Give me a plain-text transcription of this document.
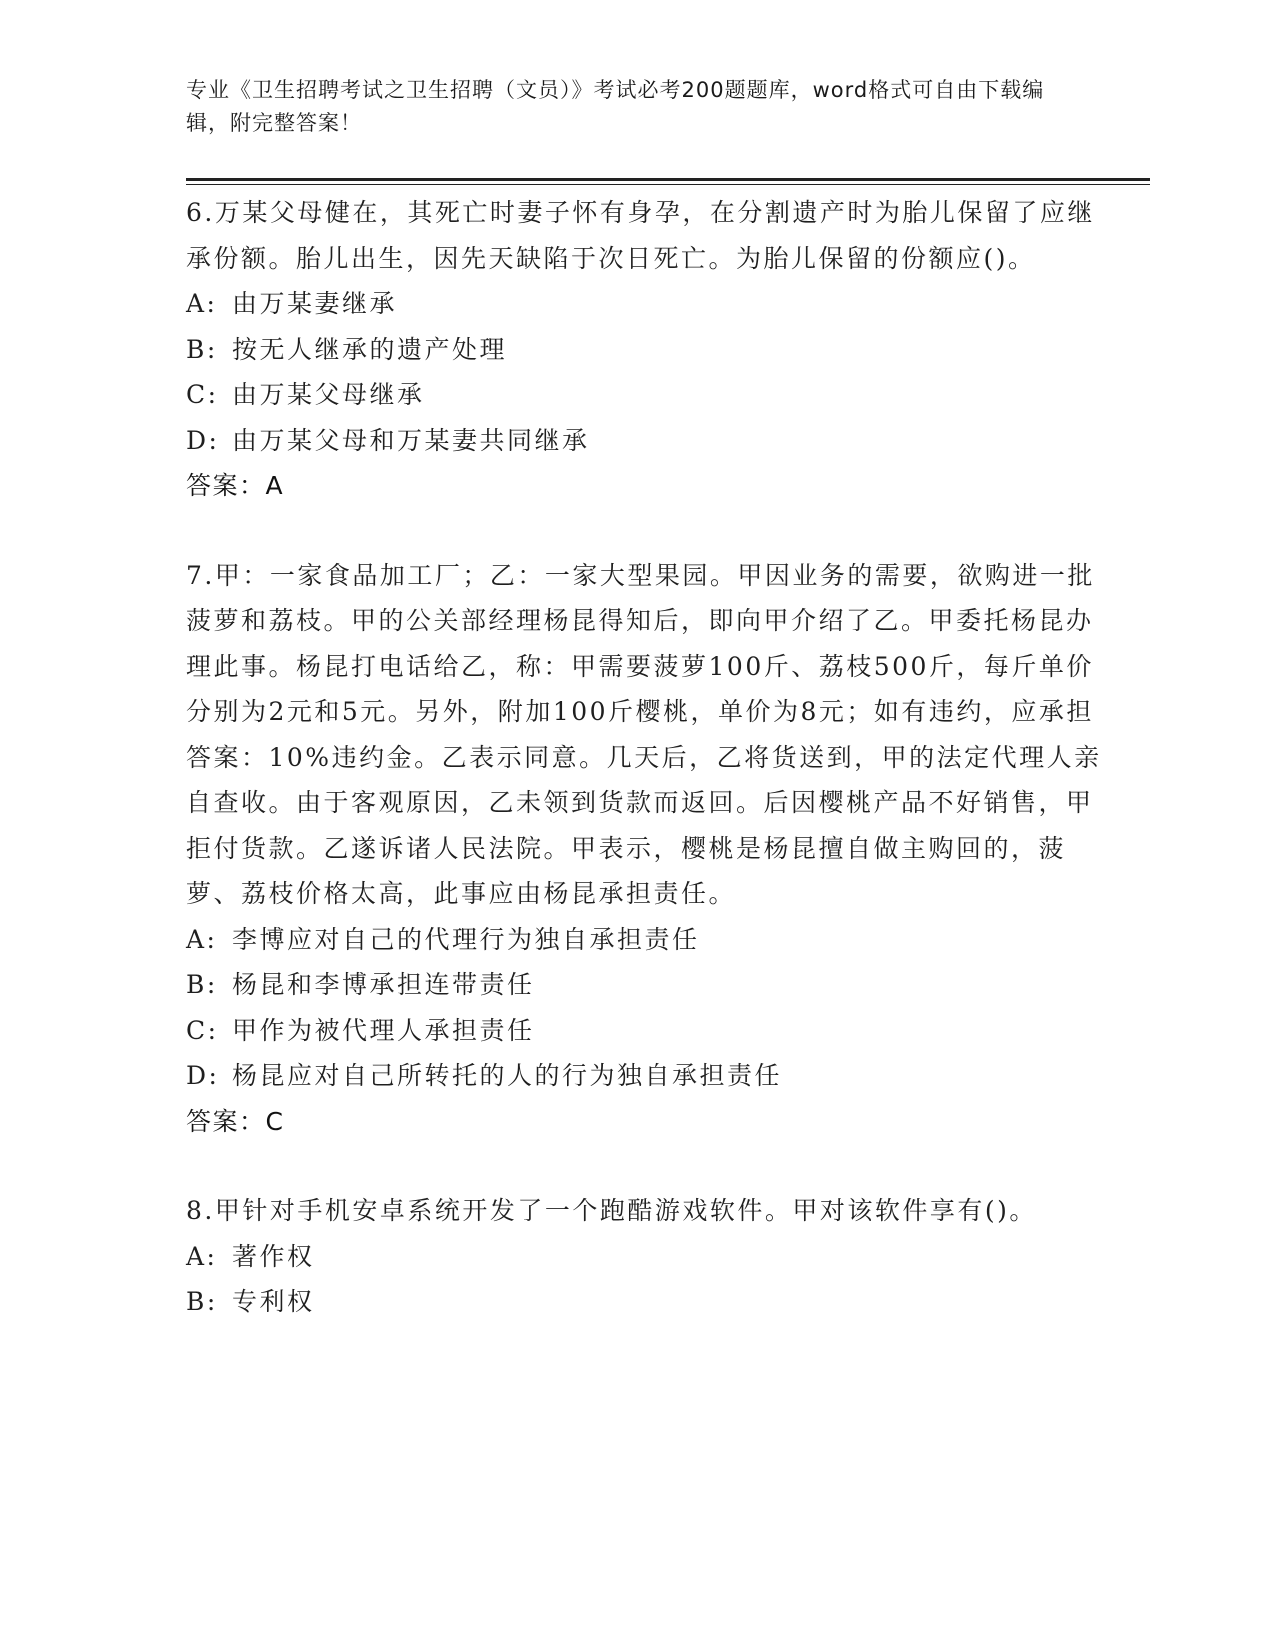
专业《卫生招聘考试之卫生招聘（文员）》考试必考200题题库，word格式可自由下载编辑，附完整答案！

6.万某父母健在，其死亡时妻子怀有身孕，在分割遗产时为胎儿保留了应继承份额。胎儿出生，因先天缺陷于次日死亡。为胎儿保留的份额应()。

A: 由万某妻继承

B: 按无人继承的遗产处理

C: 由万某父母继承

D: 由万某父母和万某妻共同继承

答案：A

7.甲：一家食品加工厂；乙：一家大型果园。甲因业务的需要，欲购进一批菠萝和荔枝。甲的公关部经理杨昆得知后，即向甲介绍了乙。甲委托杨昆办理此事。杨昆打电话给乙，称：甲需要菠萝100斤、荔枝500斤，每斤单价分别为2元和5元。另外，附加100斤樱桃，单价为8元；如有违约，应承担答案：10%违约金。乙表示同意。几天后，乙将货送到，甲的法定代理人亲自查收。由于客观原因，乙未领到货款而返回。后因樱桃产品不好销售，甲拒付货款。乙遂诉诸人民法院。甲表示，樱桃是杨昆擅自做主购回的，菠萝、荔枝价格太高，此事应由杨昆承担责任。

A: 李博应对自己的代理行为独自承担责任

B: 杨昆和李博承担连带责任

C: 甲作为被代理人承担责任

D: 杨昆应对自己所转托的人的行为独自承担责任

答案：C

8.甲针对手机安卓系统开发了一个跑酷游戏软件。甲对该软件享有()。

A: 著作权

B: 专利权
